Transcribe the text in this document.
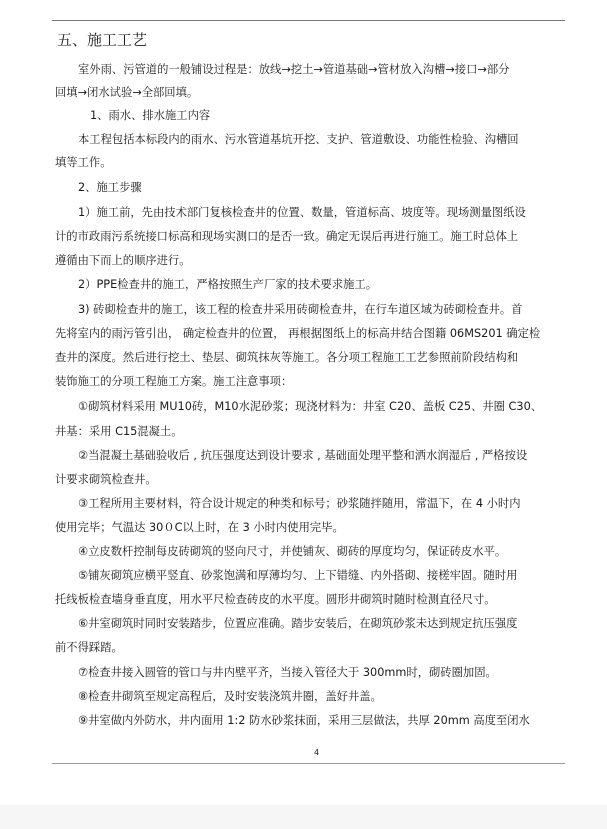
五、施工工艺
室外雨、污管道的一般铺设过程是：放线→挖土→管道基础→管材放入沟槽→接口→部分
回填→闭水试验→全部回填。
1、雨水、排水施工内容
本工程包括本标段内的雨水、污水管道基坑开挖、支护、管道敷设、功能性检验、沟槽回
填等工作。
2、施工步骤
1）施工前，先由技术部门复核检查井的位置、数量，管道标高、坡度等。现场测量图纸设
计的市政雨污系统接口标高和现场实测口的是否一致。确定无误后再进行施工。施工时总体上
遵循由下而上的顺序进行。
2）PPE检查井的施工，严格按照生产厂家的技术要求施工。
3) 砖砌检查井的施工，该工程的检查井采用砖砌检查井，在行车道区域为砖砌检查井。首
先将室内的雨污管引出， 确定检查井的位置， 再根据图纸上的标高井结合图籍 06MS201 确定检
查井的深度。然后进行挖土、垫层、砌筑抹灰等施工。各分项工程施工工艺参照前阶段结构和
装饰施工的分项工程施工方案。施工注意事项：
①砌筑材料采用 MU10砖，M10水泥砂浆；现浇材料为：井室 C20、盖板 C25、井圈 C30、
井基：采用 C15混凝土。
②当混凝土基础验收后 , 抗压强度达到设计要求 , 基础面处理平整和洒水润湿后 , 严格按设
计要求砌筑检查井。
③工程所用主要材料，符合设计规定的种类和标号；砂浆随拌随用，常温下，在 4 小时内
使用完毕；气温达 30０C以上时，在 3 小时内使用完毕。
④立皮数杆控制每皮砖砌筑的竖向尺寸，并使铺灰、砌砖的厚度均匀，保证砖皮水平。
⑤铺灰砌筑应横平竖直、砂浆饱满和厚薄均匀、上下错缝、内外搭砌、接槎牢固。随时用
托线板检查墙身垂直度，用水平尺检查砖皮的水平度。圆形井砌筑时随时检测直径尺寸。
⑥井室砌筑时同时安装踏步，位置应准确。踏步安装后，在砌筑砂浆未达到规定抗压强度
前不得踩踏。
⑦检查井接入圆管的管口与井内壁平齐，当接入管径大于 300mm时，砌砖圈加固。
⑧检查井砌筑至规定高程后，及时安装浇筑井圈，盖好井盖。
⑨井室做内外防水，井内面用 1:2 防水砂浆抹面，采用三层做法，共厚 20mm 高度至闭水
4
